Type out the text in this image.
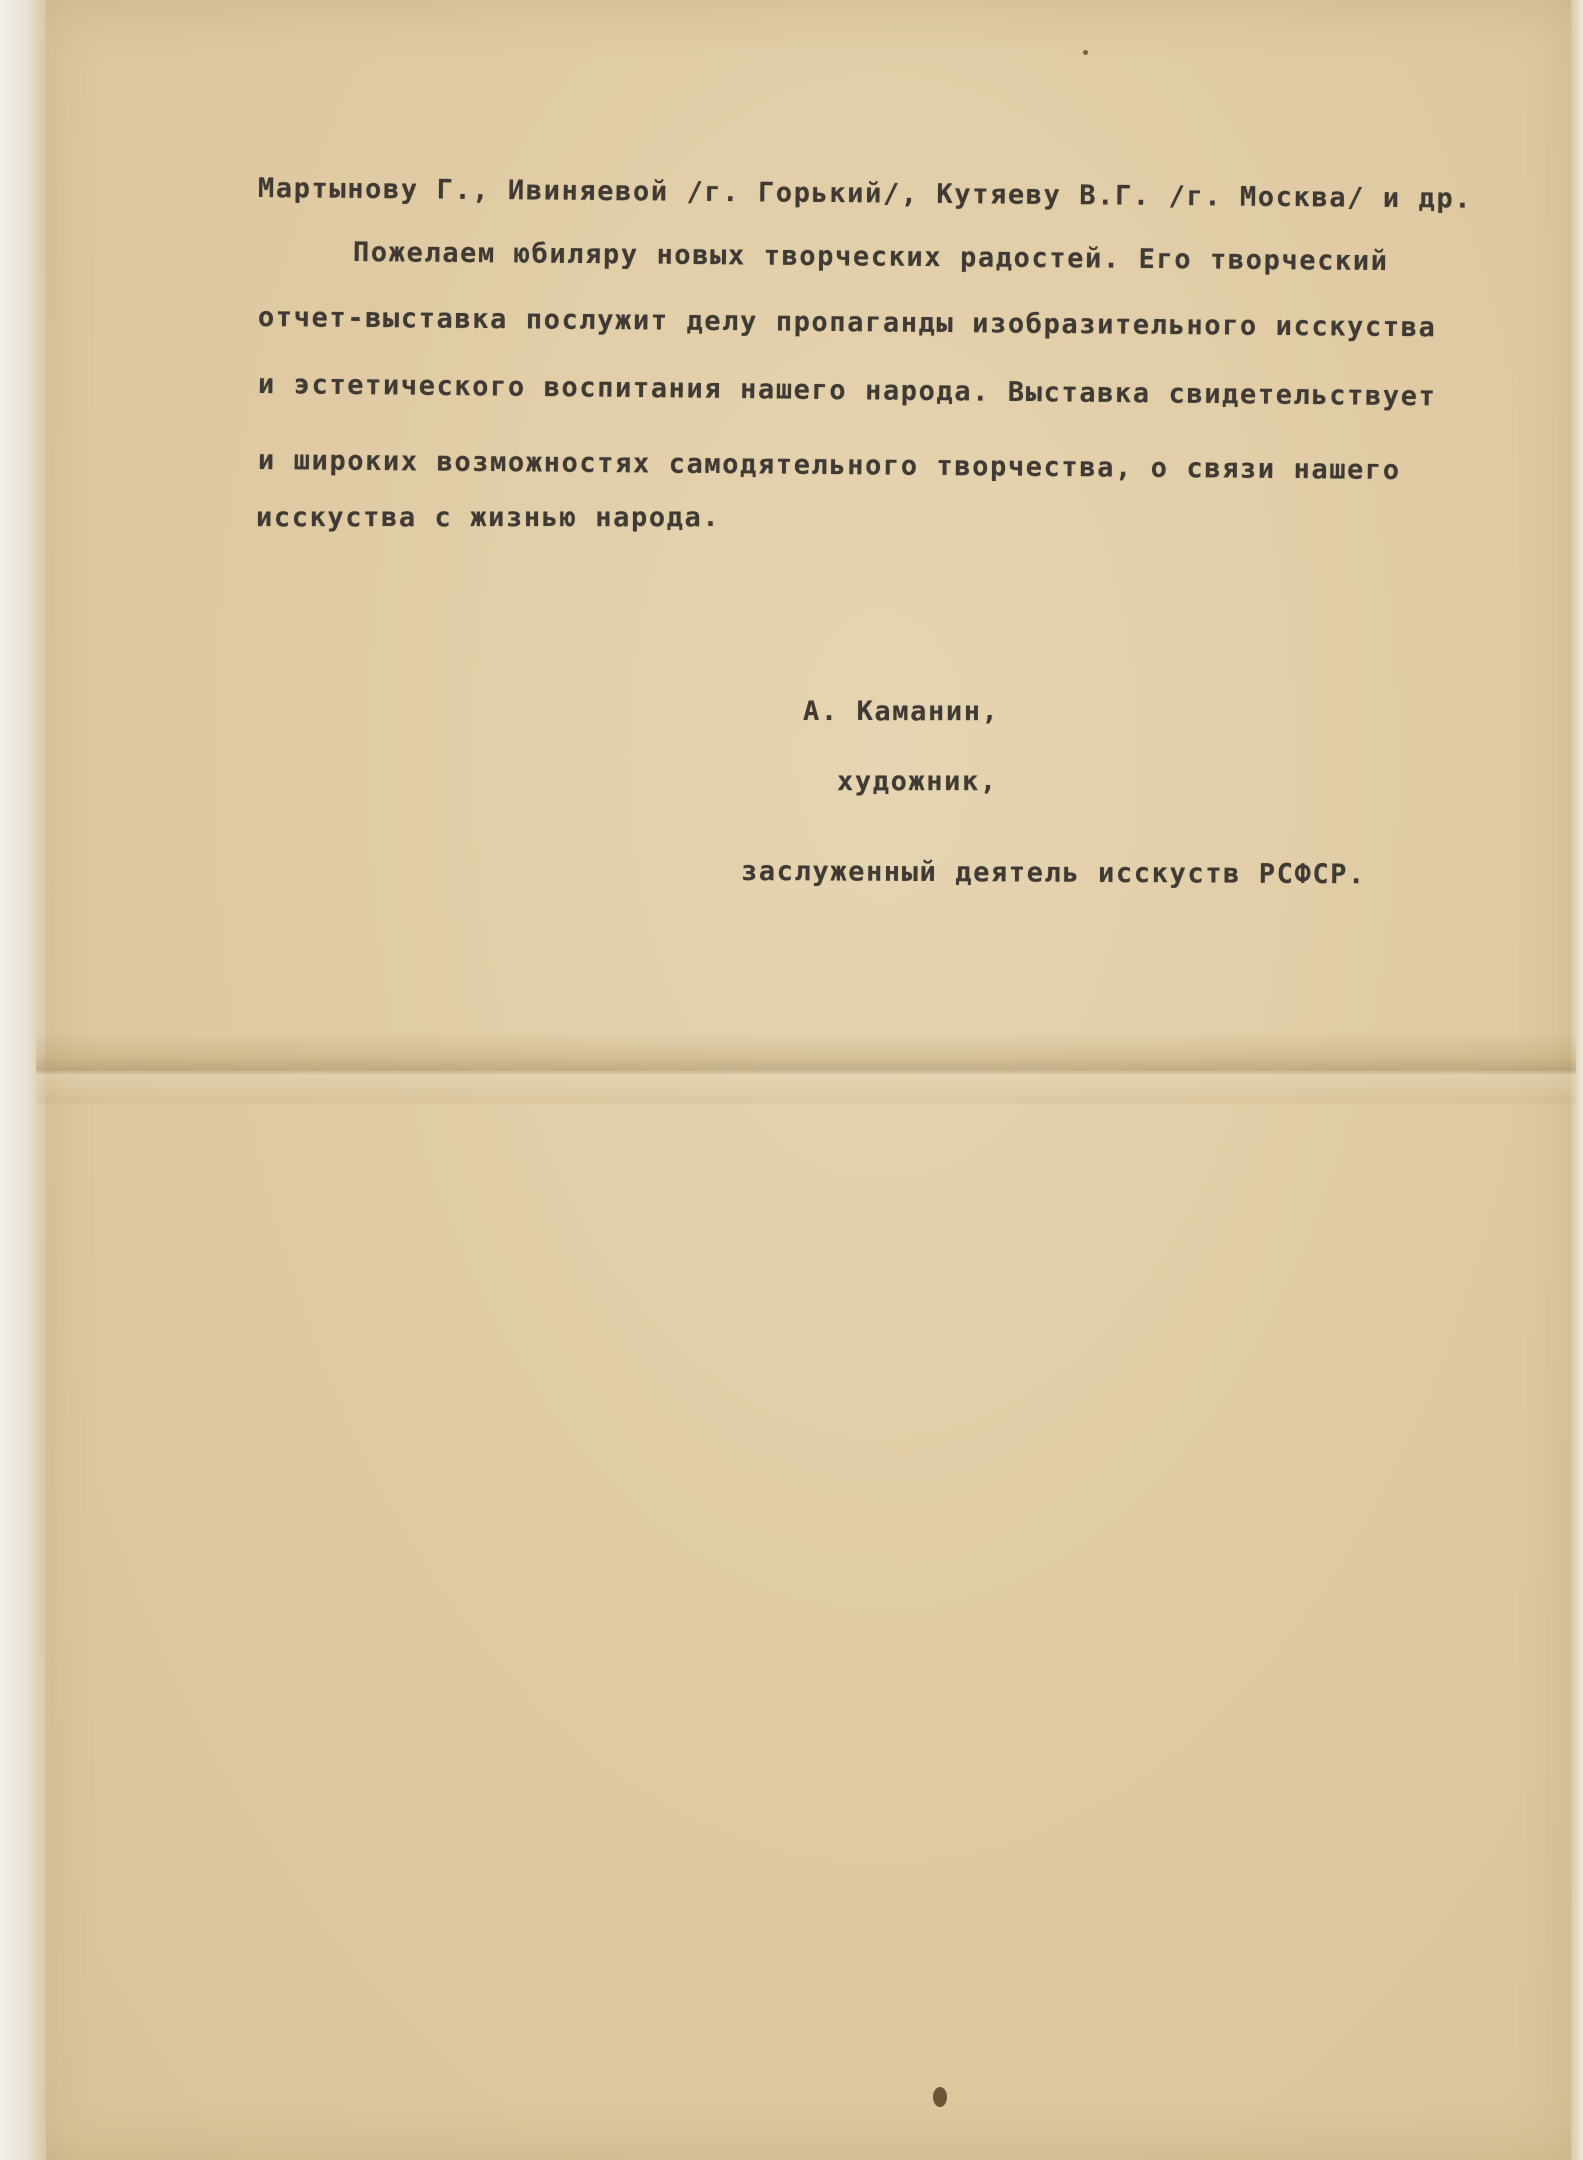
Мартынову Г., Ивиняевой /г. Горький/, Кутяеву В.Г. /г. Москва/ и др.

Пожелаем юбиляру новых творческих радостей. Его творческий

отчет-выставка послужит делу пропаганды изобразительного исскуства

и эстетического воспитания нашего народа. Выставка свидетельствует

и широких возможностях самодятельного творчества, о связи нашего

исскуства с жизнью народа.

А. Каманин,

художник,

заслуженный деятель исскуств РСФСР.
